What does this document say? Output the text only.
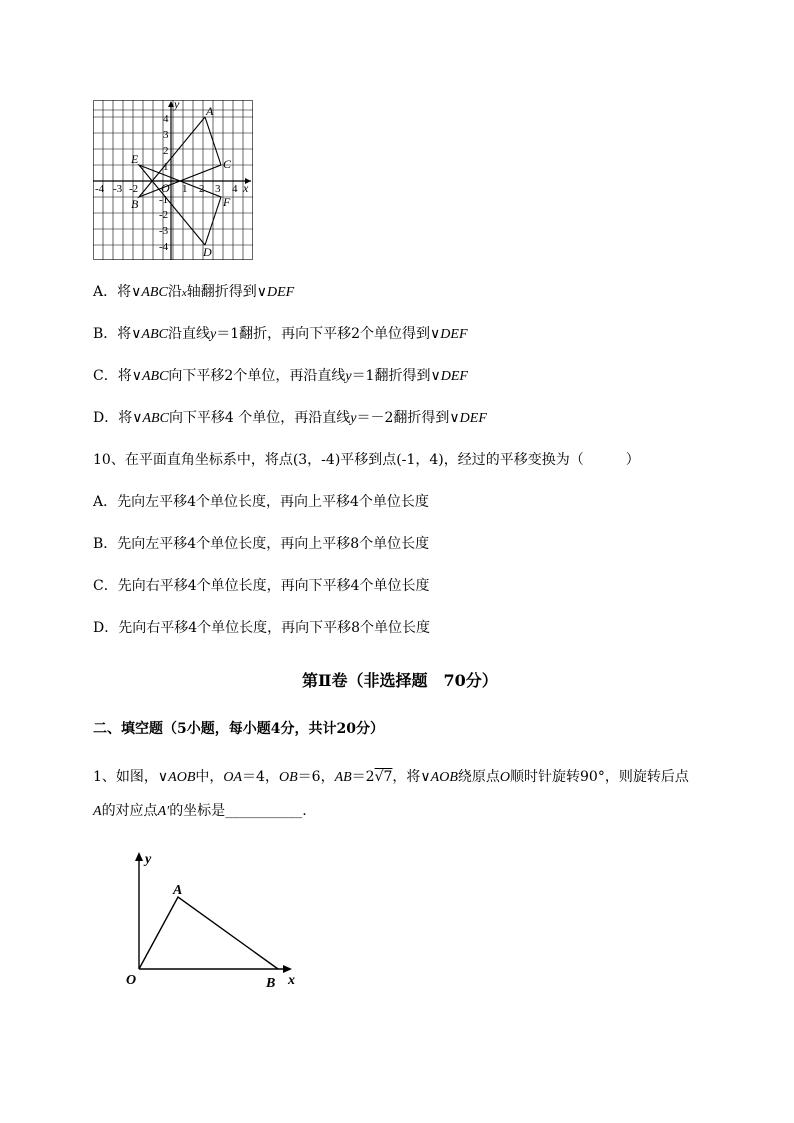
x
y
O
-4 -3 -2	1 2 3 4
4
3
2
1
-1
-2
-3
-4
A
B
C
D
E
F
A．将∨ABC沿x轴翻折得到∨DEF
B．将∨ABC沿直线y＝1翻折，再向下平移2个单位得到∨DEF
C．将∨ABC向下平移2个单位，再沿直线y＝1翻折得到∨DEF
D．将∨ABC向下平移4 个单位，再沿直线y＝－2翻折得到∨DEF
10、在平面直角坐标系中，将点(3，-4)平移到点(-1，4)，经过的平移变换为（　　　）
A．先向左平移4个单位长度，再向上平移4个单位长度
B．先向左平移4个单位长度，再向上平移8个单位长度
C．先向右平移4个单位长度，再向下平移4个单位长度
D．先向右平移4个单位长度，再向下平移8个单位长度
第Ⅱ卷（非选择题　70分）
二、填空题（5小题，每小题4分，共计20分）
1、如图，∨AOB中，OA＝4，OB＝6，AB＝2√7，将∨AOB绕原点O顺时针旋转90°，则旋转后点
A的对应点A′的坐标是___________.
x
y
O
A
B
